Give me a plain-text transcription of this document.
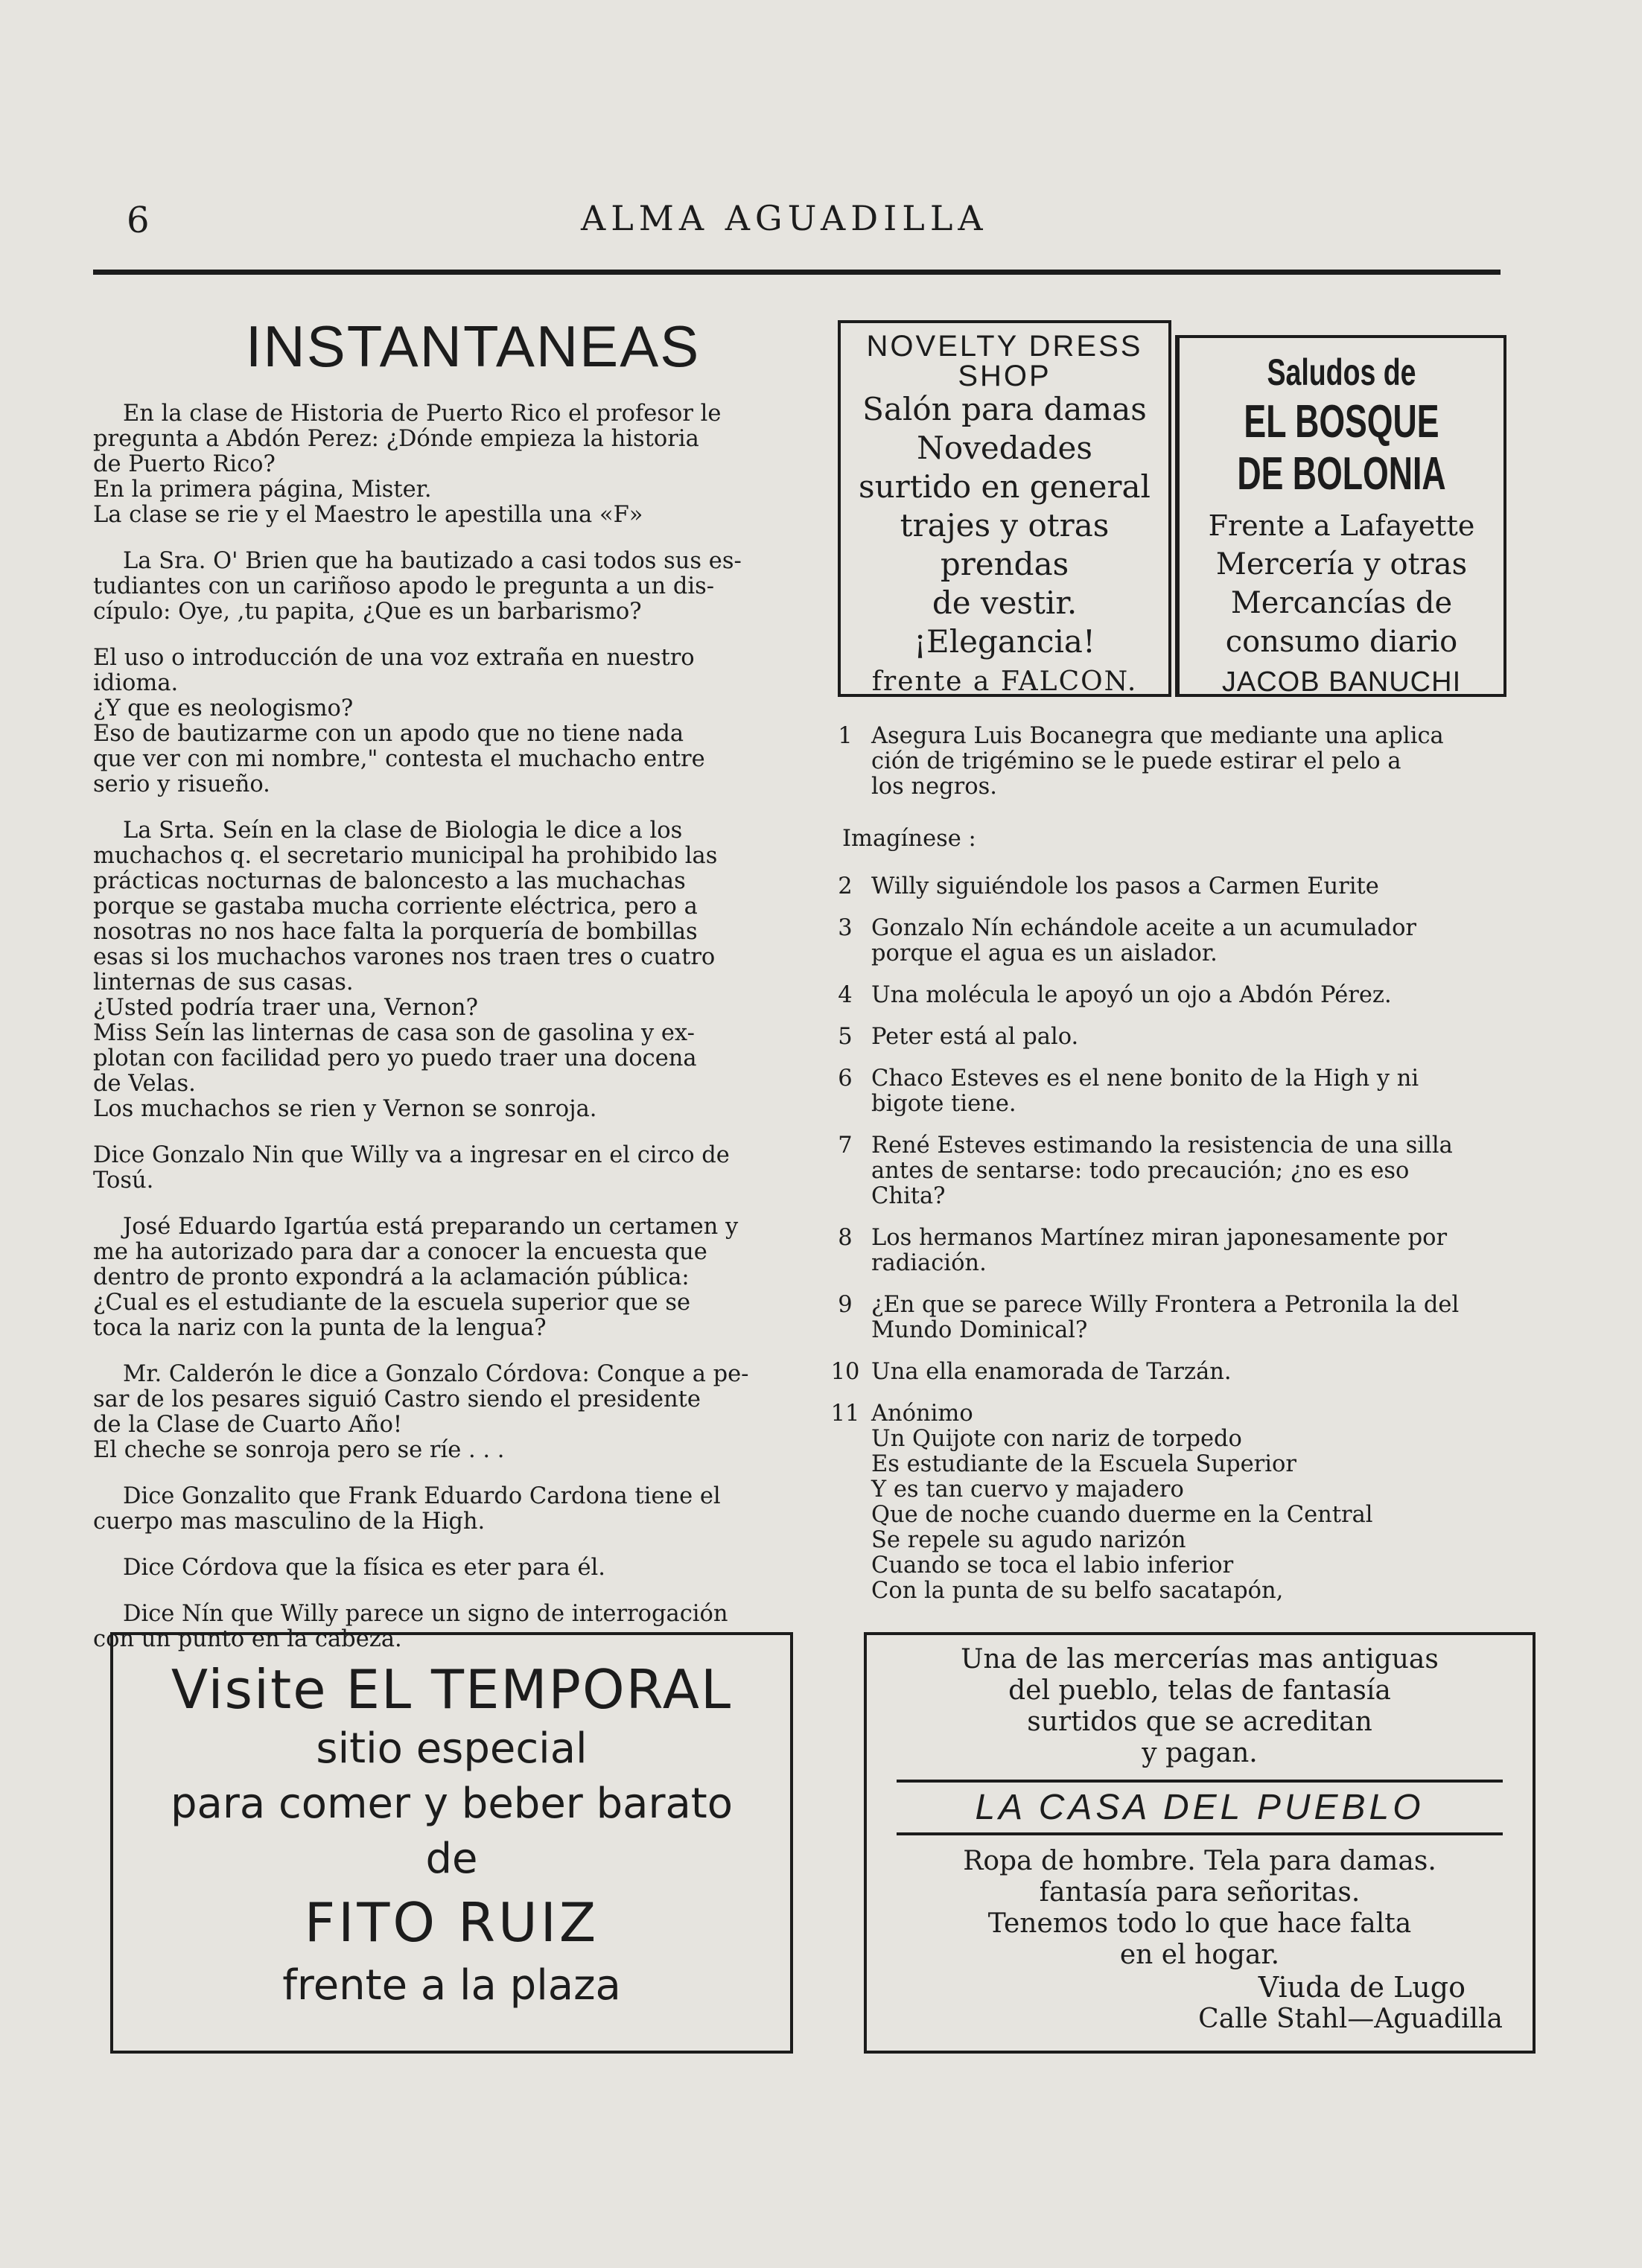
6	ALMA AGUADILLA
INSTANTANEAS
En la clase de Historia de Puerto Rico el profesor le
pregunta a Abdón Perez: ¿Dónde empieza la historia
de Puerto Rico?
En la primera página, Mister.
La clase se rie y el Maestro le apestilla una «F»
La Sra. O' Brien que ha bautizado a casi todos sus es-
tudiantes con un cariñoso apodo le pregunta a un dis-
cípulo: Oye, ,tu papita, ¿Que es un barbarismo?
El uso o introducción de una voz extraña en nuestro
idioma.
¿Y que es neologismo?
Eso de bautizarme con un apodo que no tiene nada
que ver con mi nombre," contesta el muchacho entre
serio y risueño.
La Srta. Seín en la clase de Biologia le dice a los
muchachos q. el secretario municipal ha prohibido las
prácticas nocturnas de baloncesto a las muchachas
porque se gastaba mucha corriente eléctrica, pero a
nosotras no nos hace falta la porquería de bombillas
esas si los muchachos varones nos traen tres o cuatro
linternas de sus casas.
¿Usted podría traer una, Vernon?
Miss Seín las linternas de casa son de gasolina y ex-
plotan con facilidad pero yo puedo traer una docena
de Velas.
Los muchachos se rien y Vernon se sonroja.
Dice Gonzalo Nin que Willy va a ingresar en el circo de
Tosú.
José Eduardo Igartúa está preparando un certamen y
me ha autorizado para dar a conocer la encuesta que
dentro de pronto expondrá a la aclamación pública:
¿Cual es el estudiante de la escuela superior que se
toca la nariz con la punta de la lengua?
Mr. Calderón le dice a Gonzalo Córdova: Conque a pe-
sar de los pesares siguió Castro siendo el presidente
de la Clase de Cuarto Año!
El cheche se sonroja pero se ríe . . .
Dice Gonzalito que Frank Eduardo Cardona tiene el
cuerpo mas masculino de la High.
Dice Córdova que la física es eter para él.
Dice Nín que Willy parece un signo de interrogación
con un punto en la cabeza.
NOVELTY DRESS
SHOP
Salón para damas
Novedades
surtido en general
trajes y otras
prendas
de vestir.
¡Elegancia!
frente a FALCON.
Saludos de
EL BOSQUE
DE BOLONIA
Frente a Lafayette
Mercería y otras
Mercancías de
consumo diario
JACOB BANUCHI
1 Asegura Luis Bocanegra que mediante una aplica
ción de trigémino se le puede estirar el pelo a
los negros.
Imagínese :
2 Willy siguiéndole los pasos a Carmen Eurite
3 Gonzalo Nín echándole aceite a un acumulador
porque el agua es un aislador.
4 Una molécula le apoyó un ojo a Abdón Pérez.
5 Peter está al palo.
6 Chaco Esteves es el nene bonito de la High y ni
bigote tiene.
7 René Esteves estimando la resistencia de una silla
antes de sentarse: todo precaución; ¿no es eso
Chita?
8 Los hermanos Martínez miran japonesamente por
radiación.
9 ¿En que se parece Willy Frontera a Petronila la del
Mundo Dominical?
10 Una ella enamorada de Tarzán.
11 Anónimo
Un Quijote con nariz de torpedo
Es estudiante de la Escuela Superior
Y es tan cuervo y majadero
Que de noche cuando duerme en la Central
Se repele su agudo narizón
Cuando se toca el labio inferior
Con la punta de su belfo sacatapón,
Visite EL TEMPORAL
sitio especial
para comer y beber barato
de
FITO RUIZ
frente a la plaza
Una de las mercerías mas antiguas
del pueblo, telas de fantasía
surtidos que se acreditan
y pagan.
LA CASA DEL PUEBLO
Ropa de hombre. Tela para damas.
fantasía para señoritas.
Tenemos todo lo que hace falta
en el hogar.
Viuda de Lugo
Calle Stahl—Aguadilla
